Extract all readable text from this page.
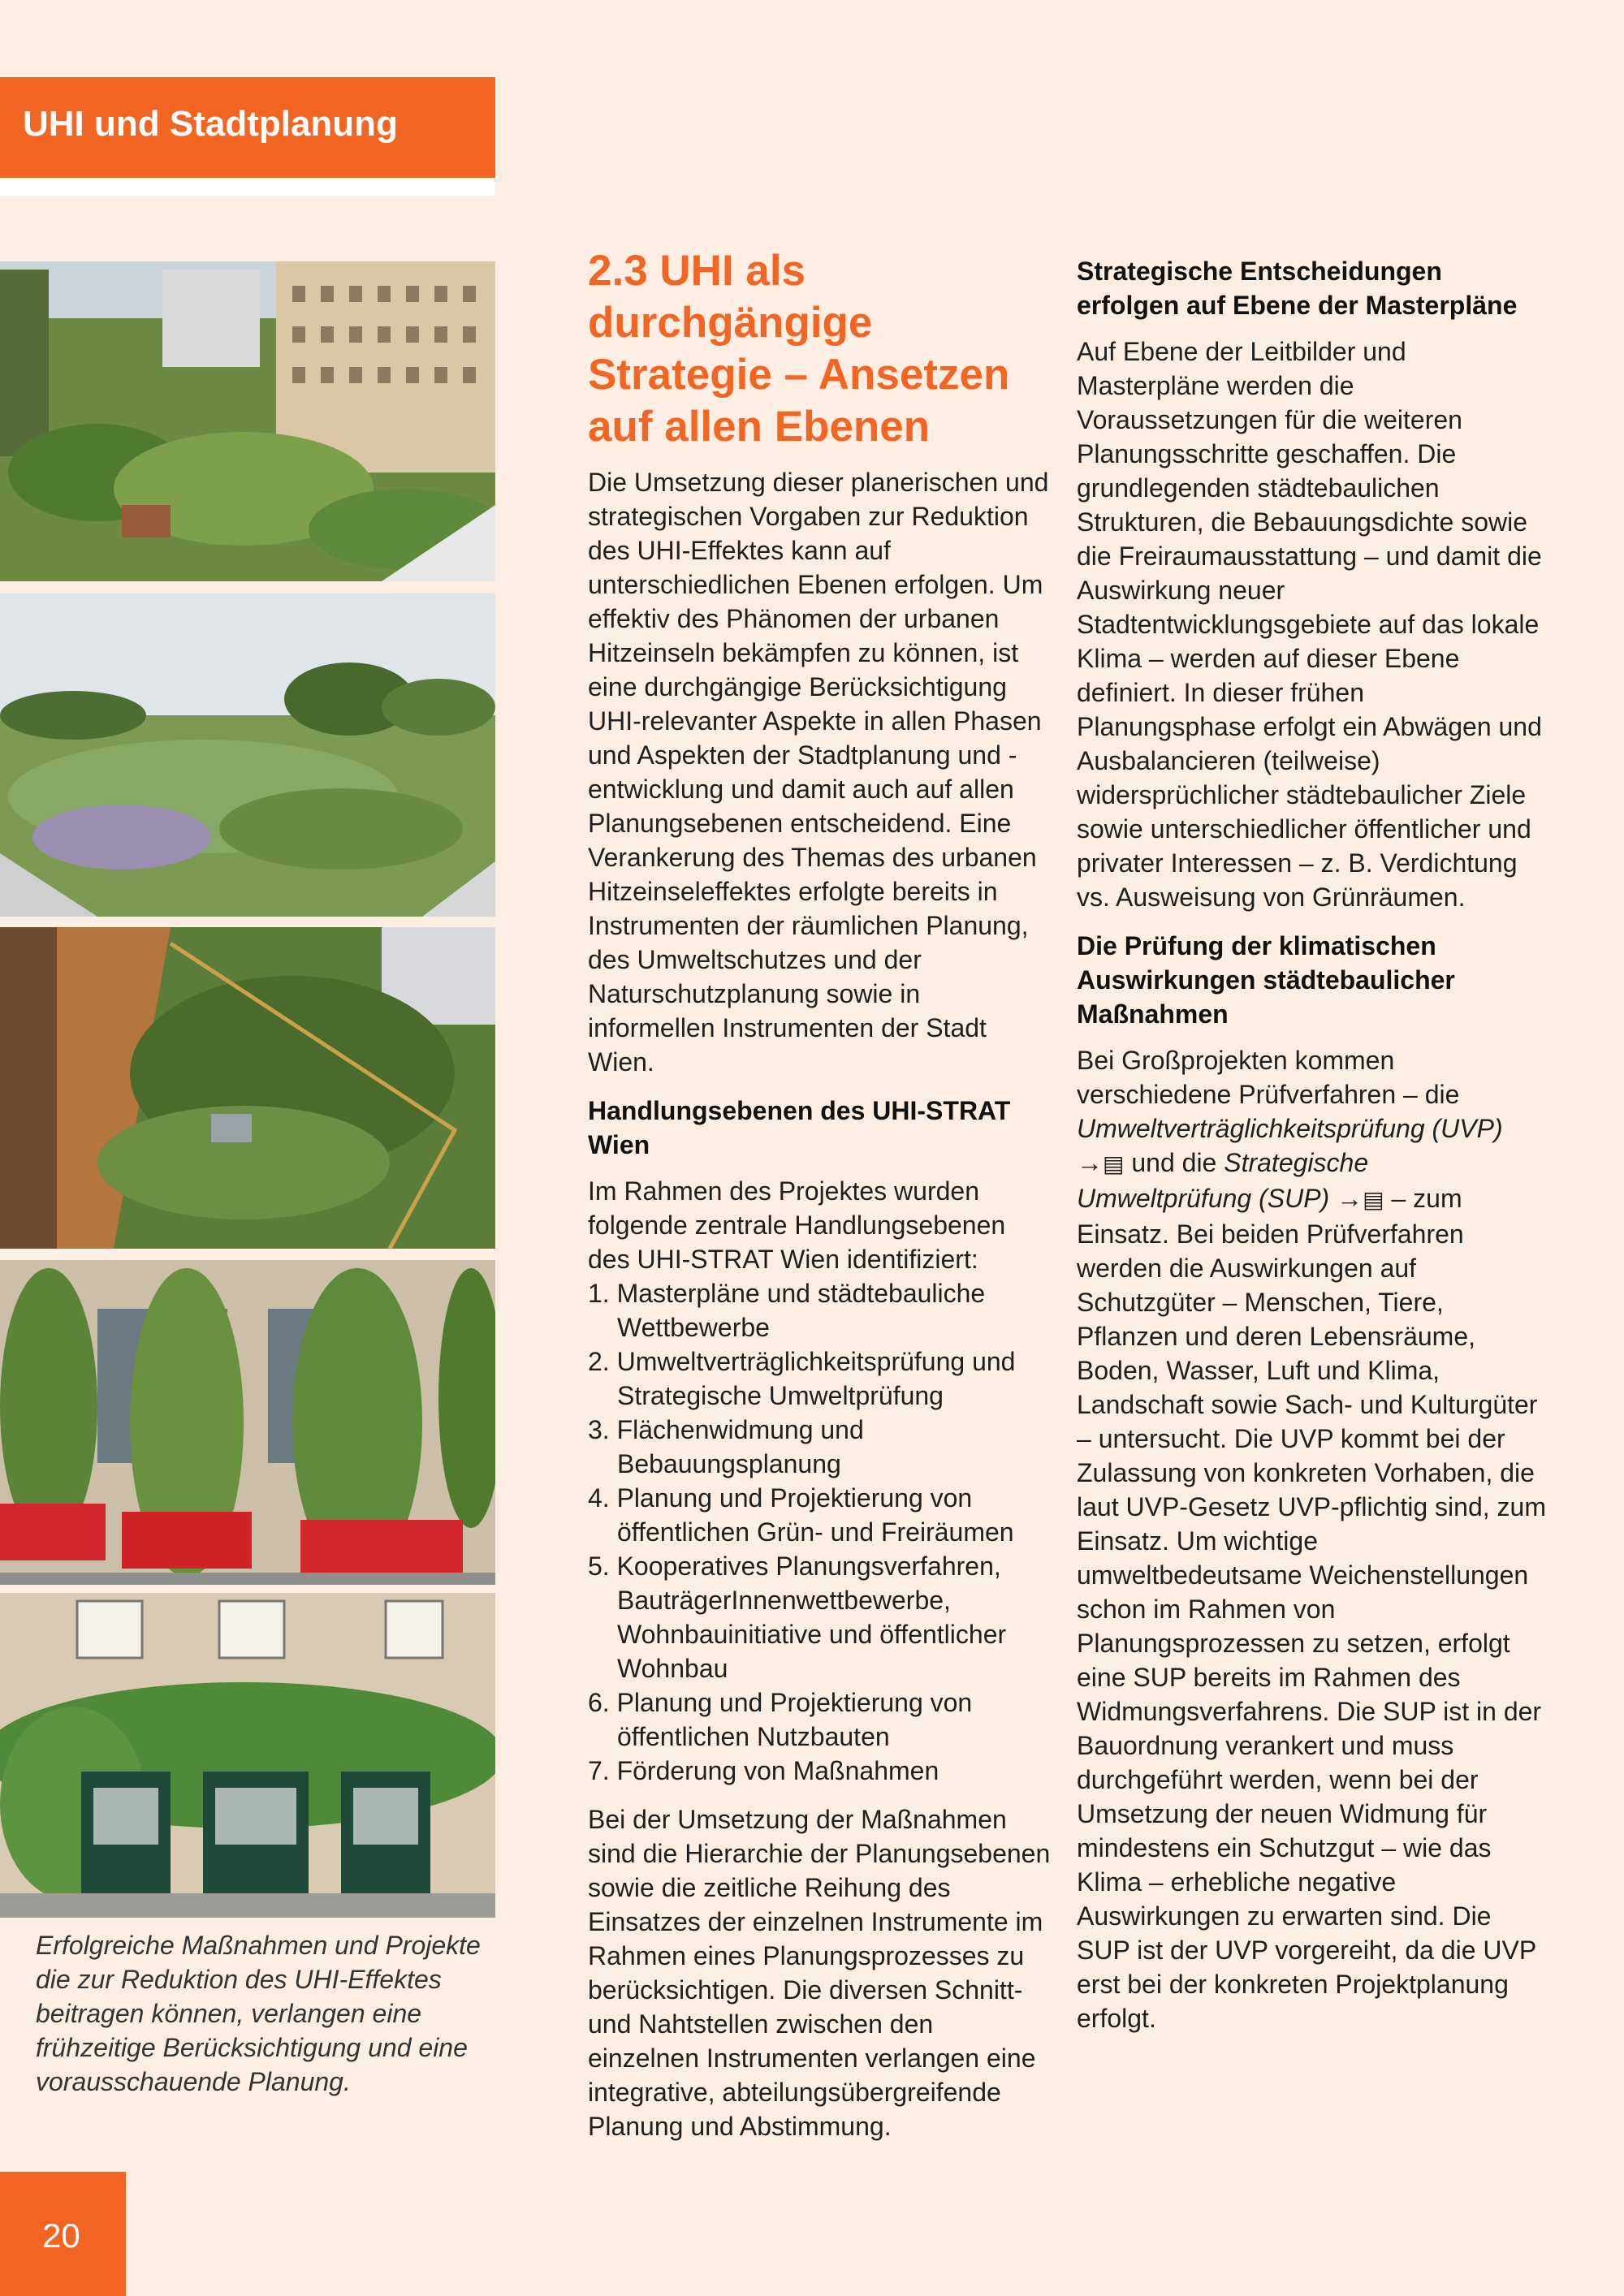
UHI und Stadtplanung
Erfolgreiche Maßnahmen und Projekte die zur Reduktion des UHI-Effektes beitragen können, verlangen eine frühzeitige Berücksichtigung und eine vorausschauende Planung.
20
2.3 UHI als durchgängige Strategie – Ansetzen auf allen Ebenen

Die Umsetzung dieser planerischen und strategischen Vorgaben zur Reduktion des UHI-Effektes kann auf unterschiedlichen Ebenen erfolgen. Um effektiv des Phänomen der urbanen Hitzeinseln bekämpfen zu können, ist eine durchgängige Berücksichtigung UHI-relevanter Aspekte in allen Phasen und Aspekten der Stadtplanung und -entwicklung und damit auch auf allen Planungsebenen entscheidend. Eine Verankerung des Themas des urbanen Hitzeinseleffektes erfolgte bereits in Instrumenten der räumlichen Planung, des Umweltschutzes und der Naturschutzplanung sowie in informellen Instrumenten der Stadt Wien.

Handlungsebenen des UHI-STRAT Wien

Im Rahmen des Projektes wurden folgende zentrale Handlungsebenen des UHI-STRAT Wien identifiziert:

1. Masterpläne und städtebauliche Wettbewerbe
2. Umweltverträglichkeitsprüfung und Strategische Umweltprüfung
3. Flächenwidmung und Bebauungsplanung
4. Planung und Projektierung von öffentlichen Grün- und Freiräumen
5. Kooperatives Planungsverfahren, BauträgerInnenwettbewerbe, Wohnbauinitiative und öffentlicher Wohnbau
6. Planung und Projektierung von öffentlichen Nutzbauten
7. Förderung von Maßnahmen

Bei der Umsetzung der Maßnahmen sind die Hierarchie der Planungsebenen sowie die zeitliche Reihung des Einsatzes der einzelnen Instrumente im Rahmen eines Planungsprozesses zu berücksichtigen. Die diversen Schnitt- und Nahtstellen zwischen den einzelnen Instrumenten verlangen eine integrative, abteilungsübergreifende Planung und Abstimmung.

Strategische Entscheidungen erfolgen auf Ebene der Masterpläne

Auf Ebene der Leitbilder und Masterpläne werden die Voraussetzungen für die weiteren Planungsschritte geschaffen. Die grundlegenden städtebaulichen Strukturen, die Bebauungsdichte sowie die Freiraumausstattung – und damit die Auswirkung neuer Stadtentwicklungsgebiete auf das lokale Klima – werden auf dieser Ebene definiert. In dieser frühen Planungsphase erfolgt ein Abwägen und Ausbalancieren (teilweise) widersprüchlicher städtebaulicher Ziele sowie unterschiedlicher öffentlicher und privater Interessen – z. B. Verdichtung vs. Ausweisung von Grünräumen.

Die Prüfung der klimatischen Auswirkungen städtebaulicher Maßnahmen

Bei Großprojekten kommen verschiedene Prüfverfahren – die Umweltverträglichkeitsprüfung (UVP) →▤ und die Strategische Umweltprüfung (SUP) →▤ – zum Einsatz. Bei beiden Prüfverfahren werden die Auswirkungen auf Schutzgüter – Menschen, Tiere, Pflanzen und deren Lebensräume, Boden, Wasser, Luft und Klima, Landschaft sowie Sach- und Kulturgüter – untersucht. Die UVP kommt bei der Zulassung von konkreten Vorhaben, die laut UVP-Gesetz UVP-pflichtig sind, zum Einsatz. Um wichtige umweltbedeutsame Weichenstellungen schon im Rahmen von Planungsprozessen zu setzen, erfolgt eine SUP bereits im Rahmen des Widmungsverfahrens. Die SUP ist in der Bauordnung verankert und muss durchgeführt werden, wenn bei der Umsetzung der neuen Widmung für mindestens ein Schutzgut – wie das Klima – erhebliche negative Auswirkungen zu erwarten sind. Die SUP ist der UVP vorgereiht, da die UVP erst bei der konkreten Projektplanung erfolgt.
